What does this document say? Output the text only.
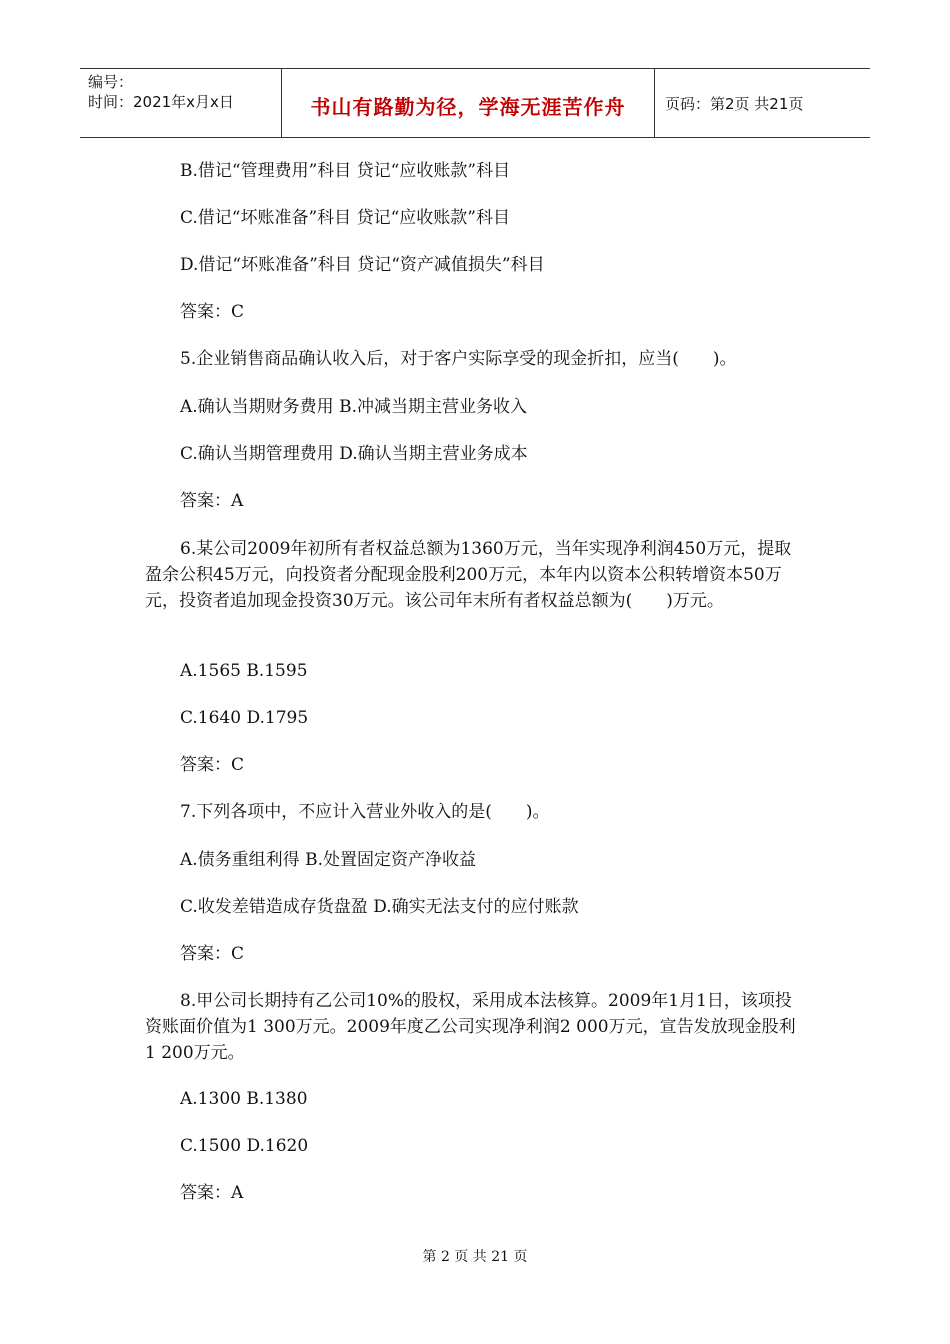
编号：
时间：2021年x月x日	书山有路勤为径，学海无涯苦作舟	页码：第2页 共21页
B.借记“管理费用”科目 贷记“应收账款”科目
C.借记“坏账准备”科目 贷记“应收账款”科目
D.借记“坏账准备”科目 贷记“资产减值损失”科目
答案：C
5.企业销售商品确认收入后，对于客户实际享受的现金折扣，应当(　　)。
A.确认当期财务费用 B.冲减当期主营业务收入
C.确认当期管理费用 D.确认当期主营业务成本
答案：A
6.某公司2009年初所有者权益总额为1360万元，当年实现净利润450万元，提取盈余公积45万元，向投资者分配现金股利200万元，本年内以资本公积转增资本50万元，投资者追加现金投资30万元。该公司年末所有者权益总额为(　　)万元。
A.1565 B.1595
C.1640 D.1795
答案：C
7.下列各项中，不应计入营业外收入的是(　　)。
A.债务重组利得 B.处置固定资产净收益
C.收发差错造成存货盘盈 D.确实无法支付的应付账款
答案：C
8.甲公司长期持有乙公司10%的股权，采用成本法核算。2009年1月1日，该项投资账面价值为1 300万元。2009年度乙公司实现净利润2 000万元，宣告发放现金股利1 200万元。
A.1300 B.1380
C.1500 D.1620
答案：A
第 2 页 共 21 页
